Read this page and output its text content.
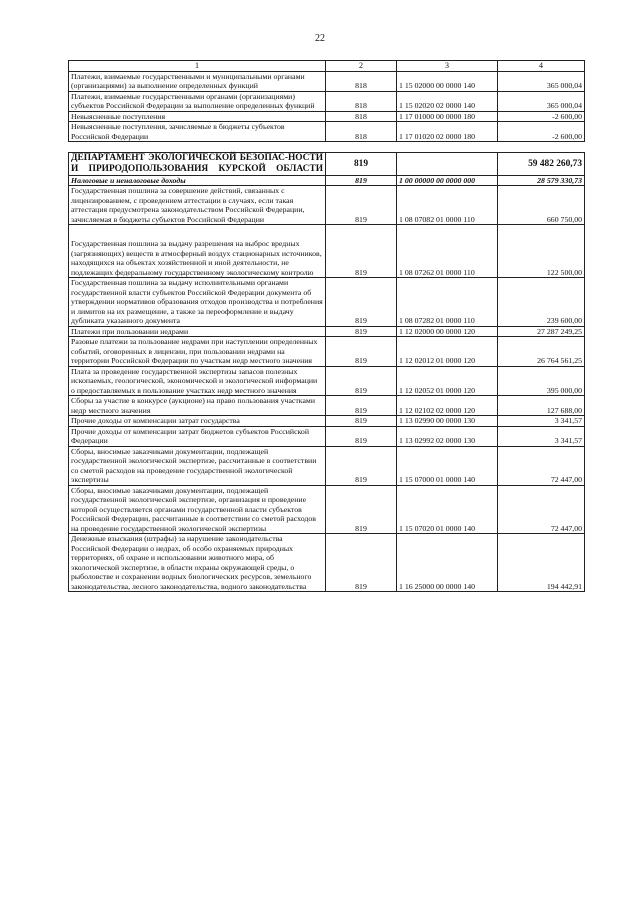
22
1	2	3	4
Платежи, взимаемые государственными и муниципальными органами (организациями) за выполнение определенных функций	818	1 15 02000 00 0000 140	365 000,04
Платежи, взимаемые государственными органами (организациями) субъектов Российской Федерации за выполнение определенных функций	818	1 15 02020 02 0000 140	365 000,04
Невыясненные поступления	818	1 17 01000 00 0000 180	-2 600,00
Невыясненные поступления, зачисляемые в бюджеты субъектов Российской Федерации	818	1 17 01020 02 0000 180	-2 600,00

ДЕПАРТАМЕНТ ЭКОЛОГИЧЕСКОЙ БЕЗОПАС-НОСТИ И ПРИРОДОПОЛЬЗОВАНИЯ КУРСКОЙ ОБЛАСТИ	819		59 482 260,73
Налоговые и неналоговые доходы	819	1 00 00000 00 0000 000	28 579 330,73
Государственная пошлина за совершение действий, связанных с лицензированием, с проведением аттестации в случаях, если такая аттестация предусмотрена законодательством Российской Федерации, зачисляемая в бюджеты субъектов Российской Федерации	819	1 08 07082 01 0000 110	660 750,00
Государственная пошлина за выдачу разрешения на выброс вредных (загрязняющих) веществ в атмосферный воздух стационарных источников, находящихся на объектах хозяйственной и иной деятельности, не подлежащих федеральному государственному экологическому контролю	819	1 08 07262 01 0000 110	122 500,00
Государственная пошлина за выдачу исполнительными органами государственной власти субъектов Российской Федерации документа об утверждении нормативов образования отходов производства и потребления и лимитов на их размещение, а также за переоформление и выдачу дубликата указанного документа	819	1 08 07282 01 0000 110	239 600,00
Платежи при пользовании недрами	819	1 12 02000 00 0000 120	27 287 249,25
Разовые платежи за пользование недрами при наступлении определенных событий, оговоренных в лицензии, при пользовании недрами на территории Российской Федерации по участкам недр местного значения	819	1 12 02012 01 0000 120	26 764 561,25
Плата за проведение государственной экспертизы запасов полезных ископаемых, геологической, экономической и экологической информации о предоставляемых в пользование участках недр местного значения	819	1 12 02052 01 0000 120	395 000,00
Сборы за участие в конкурсе (аукционе) на право пользования участками недр местного значения	819	1 12 02102 02 0000 120	127 688,00
Прочие доходы от компенсации затрат государства	819	1 13 02990 00 0000 130	3 341,57
Прочие доходы от компенсации затрат бюджетов субъектов Российской Федерации	819	1 13 02992 02 0000 130	3 341,57
Сборы, вносимые заказчиками документации, подлежащей государственной экологической экспертизе, рассчитанные в соответствии со сметой расходов на проведение государственной экологической экспертизы	819	1 15 07000 01 0000 140	72 447,00
Сборы, вносимые заказчиками документации, подлежащей государственной экологической экспертизе, организация и проведение которой осуществляется органами государственной власти субъектов Российской Федерации, рассчитанные в соответствии со сметой расходов на проведение государственной экологической экспертизы	819	1 15 07020 01 0000 140	72 447,00
Денежные взыскания (штрафы) за нарушение законодательства Российской Федерации о недрах, об особо охраняемых природных территориях, об охране и использовании животного мира, об экологической экспертизе, в области охраны окружающей среды, о рыболовстве и сохранении водных биологических ресурсов, земельного законодательства, лесного законодательства, водного законодательства	819	1 16 25000 00 0000 140	194 442,91
